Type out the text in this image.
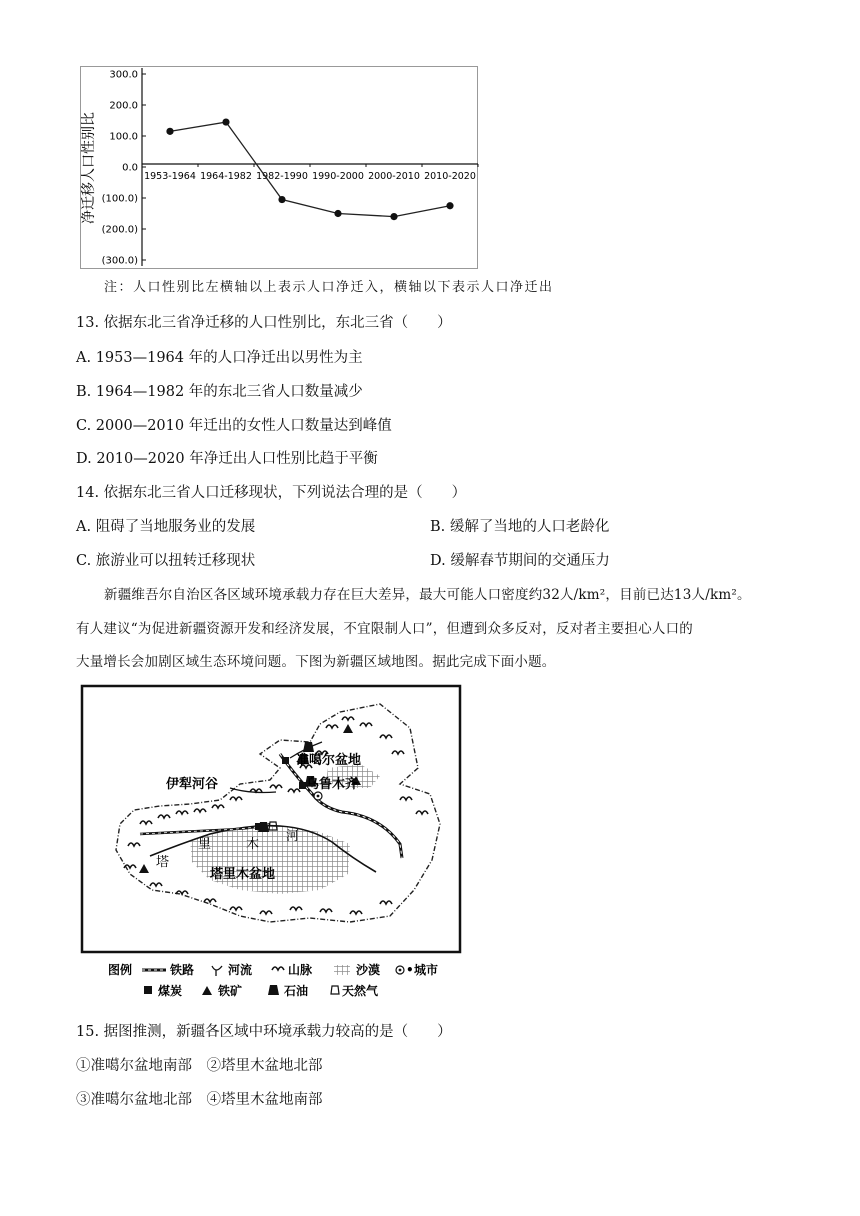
净迁移人口性别比
300.0
200.0
100.0
0.0
(100.0)
(200.0)
(300.0)
1953-1964 1964-1982 1982-1990 1990-2000 2000-2010 2010-2020
注：人口性别比左横轴以上表示人口净迁入，横轴以下表示人口净迁出
13. 依据东北三省净迁移的人口性别比，东北三省（　　）
A. 1953—1964 年的人口净迁出以男性为主
B. 1964—1982 年的东北三省人口数量减少
C. 2000—2010 年迁出的女性人口数量达到峰值
D. 2010—2020 年净迁出人口性别比趋于平衡
14. 依据东北三省人口迁移现状，下列说法合理的是（　　）
A. 阻碍了当地服务业的发展	B. 缓解了当地的人口老龄化
C. 旅游业可以扭转迁移现状	D. 缓解春节期间的交通压力
新疆维吾尔自治区各区域环境承载力存在巨大差异，最大可能人口密度约32人/km²，目前已达13人/km²。
有人建议“为促进新疆资源开发和经济发展，不宜限制人口”，但遭到众多反对，反对者主要担心人口的
大量增长会加剧区域生态环境问题。下图为新疆区域地图。据此完成下面小题。
准噶尔盆地
乌鲁木齐
伊犁河谷
塔
里	木
河
塔里木盆地
图例	铁路	河流	山脉	沙漠 • 城市
煤炭	铁矿	石油	天然气
15. 据图推测，新疆各区域中环境承载力较高的是（　　）
①准噶尔盆地南部　②塔里木盆地北部
③准噶尔盆地北部　④塔里木盆地南部
